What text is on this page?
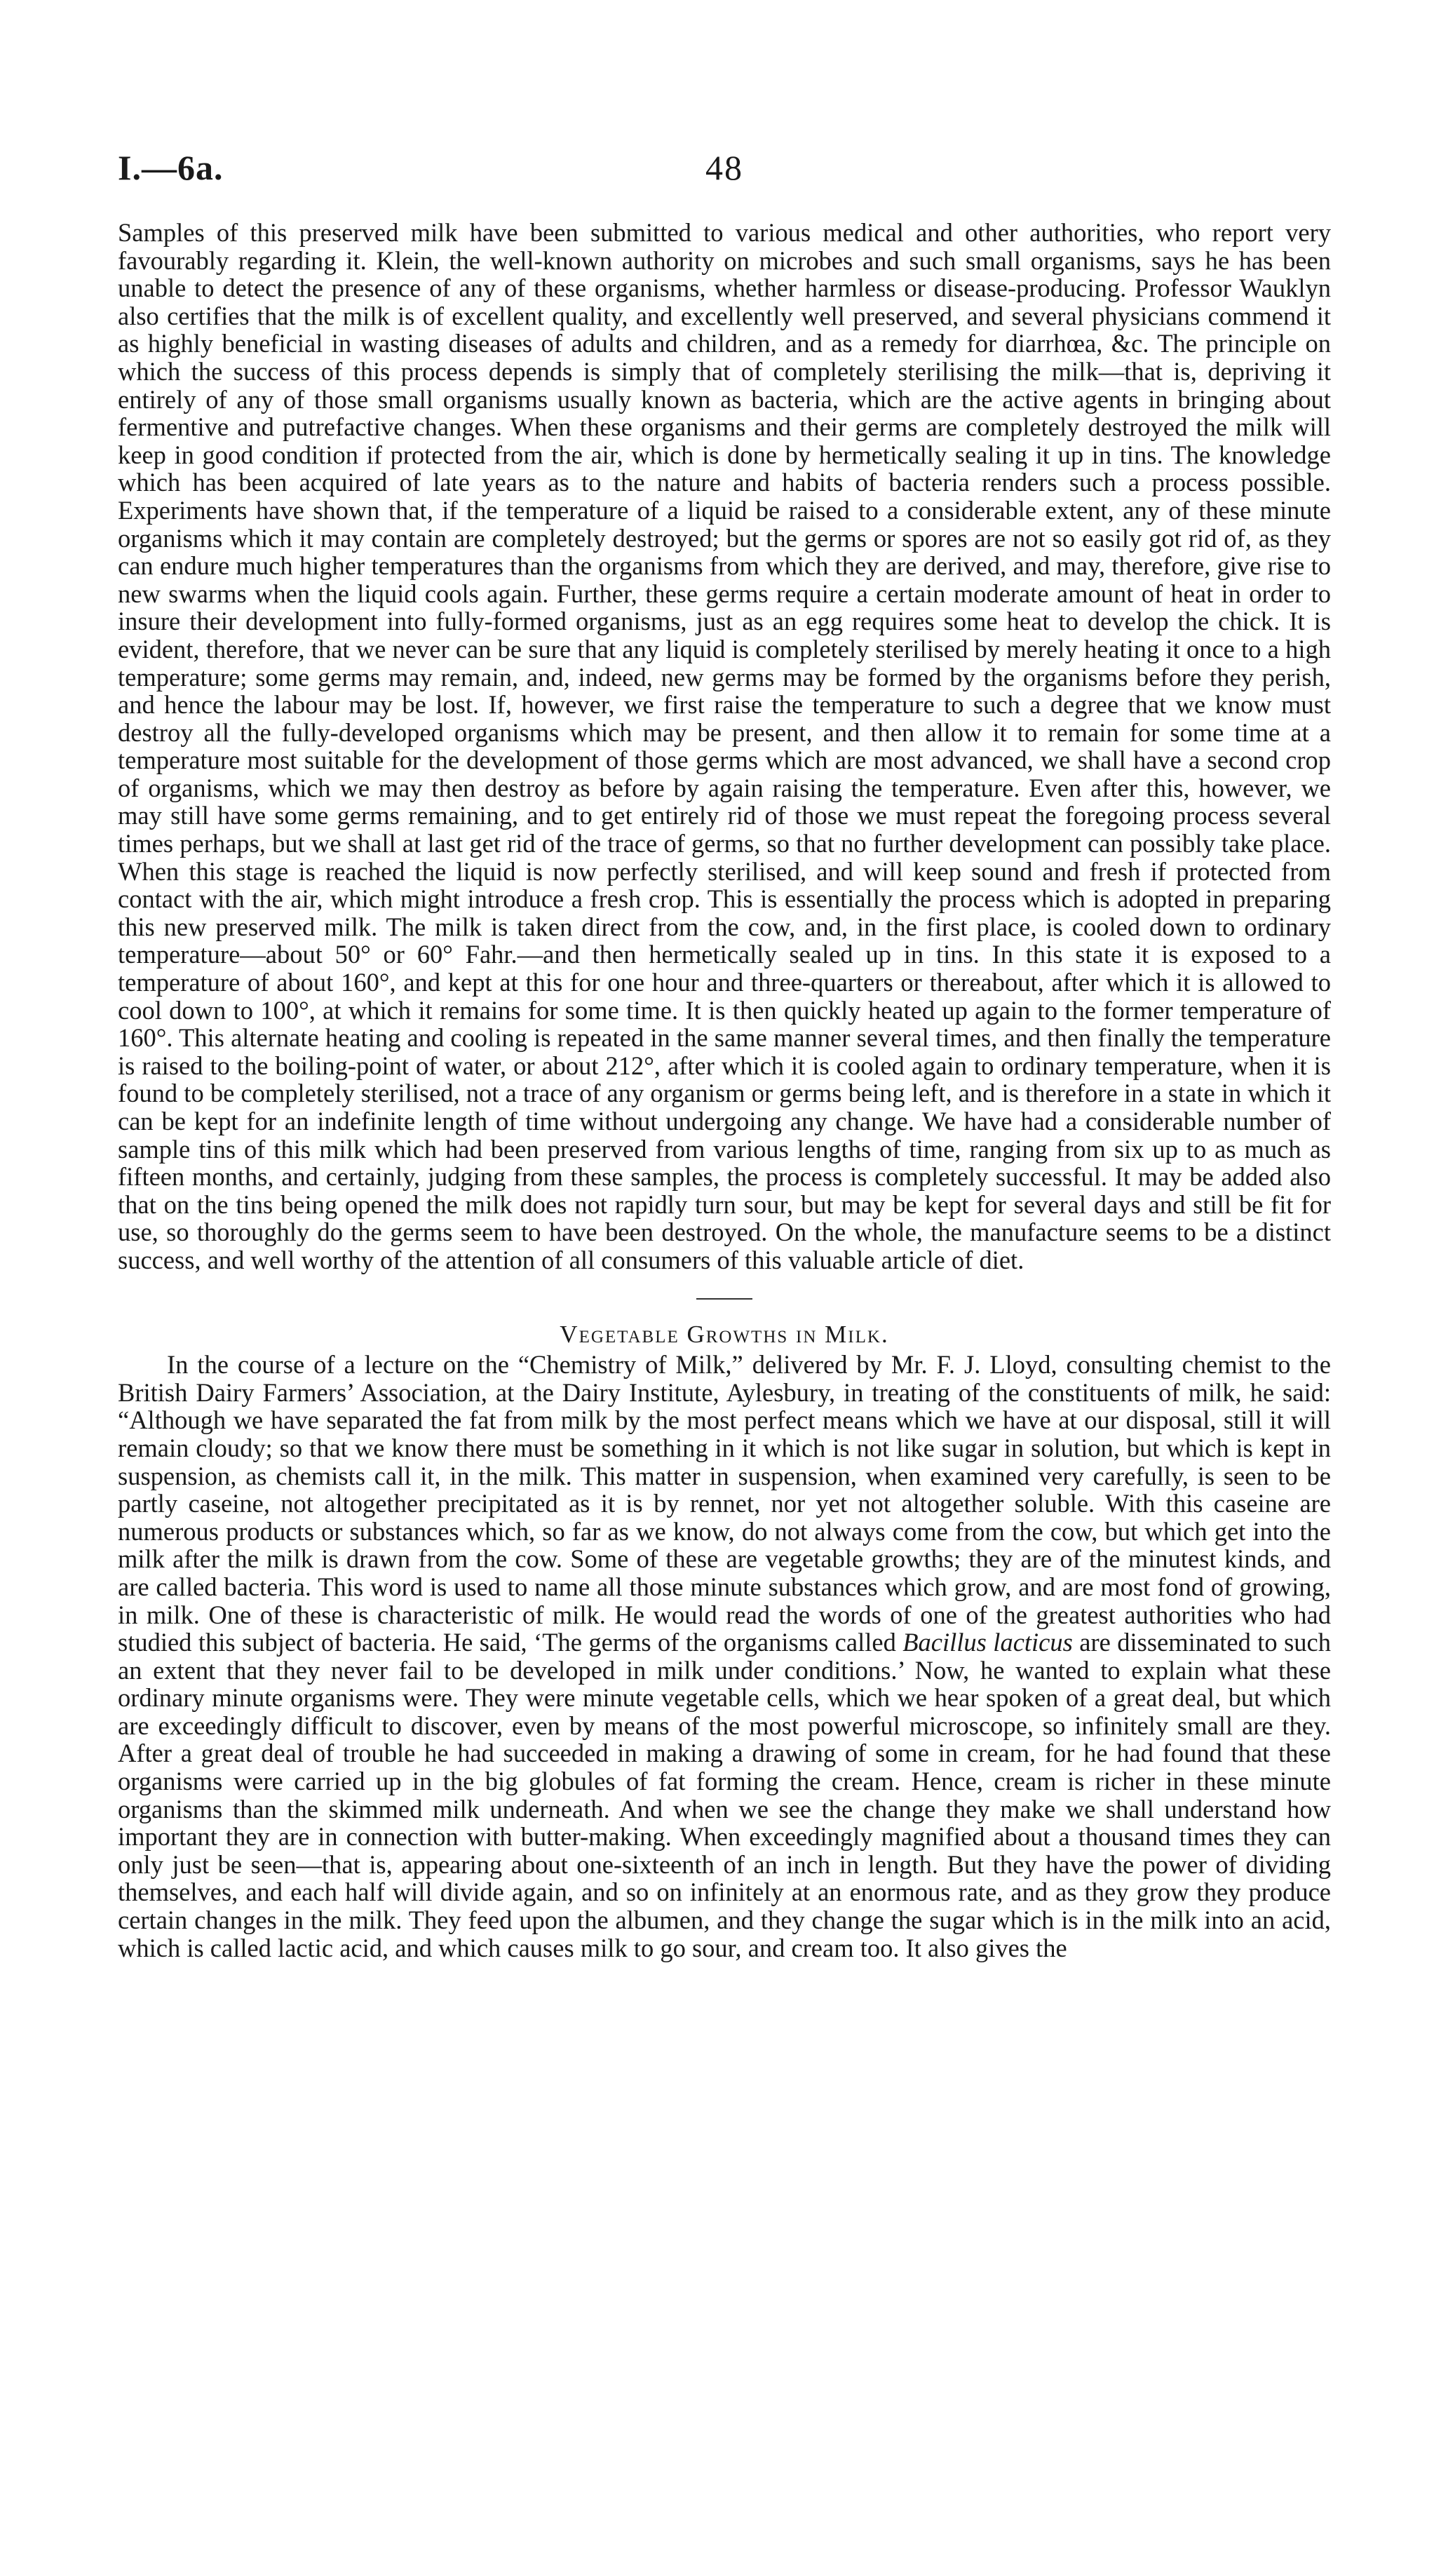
I.—6a.	48

Samples of this preserved milk have been submitted to various medical and other authorities, who report very favourably regarding it. Klein, the well-known authority on microbes and such small organisms, says he has been unable to detect the presence of any of these organisms, whether harmless or disease-producing. Professor Wauklyn also certifies that the milk is of excellent quality, and excellently well preserved, and several physicians commend it as highly beneficial in wasting diseases of adults and children, and as a remedy for diarrhœa, &c. The principle on which the success of this process depends is simply that of completely sterilising the milk—that is, depriving it entirely of any of those small organisms usually known as bacteria, which are the active agents in bringing about fermentive and putrefactive changes. When these organisms and their germs are completely destroyed the milk will keep in good condition if protected from the air, which is done by hermetically sealing it up in tins. The knowledge which has been acquired of late years as to the nature and habits of bacteria renders such a process possible. Experiments have shown that, if the temperature of a liquid be raised to a considerable extent, any of these minute organisms which it may contain are completely destroyed; but the germs or spores are not so easily got rid of, as they can endure much higher temperatures than the organisms from which they are derived, and may, therefore, give rise to new swarms when the liquid cools again. Further, these germs require a certain moderate amount of heat in order to insure their development into fully-formed organisms, just as an egg requires some heat to develop the chick. It is evident, therefore, that we never can be sure that any liquid is completely sterilised by merely heating it once to a high temperature; some germs may remain, and, indeed, new germs may be formed by the organisms before they perish, and hence the labour may be lost. If, however, we first raise the temperature to such a degree that we know must destroy all the fully-developed organisms which may be present, and then allow it to remain for some time at a temperature most suitable for the development of those germs which are most advanced, we shall have a second crop of organisms, which we may then destroy as before by again raising the temperature. Even after this, however, we may still have some germs remaining, and to get entirely rid of those we must repeat the foregoing process several times perhaps, but we shall at last get rid of the trace of germs, so that no further development can possibly take place. When this stage is reached the liquid is now perfectly sterilised, and will keep sound and fresh if protected from contact with the air, which might introduce a fresh crop. This is essentially the process which is adopted in preparing this new preserved milk. The milk is taken direct from the cow, and, in the first place, is cooled down to ordinary temperature—about 50° or 60° Fahr.—and then hermetically sealed up in tins. In this state it is exposed to a temperature of about 160°, and kept at this for one hour and three-quarters or thereabout, after which it is allowed to cool down to 100°, at which it remains for some time. It is then quickly heated up again to the former temperature of 160°. This alternate heating and cooling is repeated in the same manner several times, and then finally the temperature is raised to the boiling-point of water, or about 212°, after which it is cooled again to ordinary temperature, when it is found to be completely sterilised, not a trace of any organism or germs being left, and is therefore in a state in which it can be kept for an indefinite length of time without undergoing any change. We have had a considerable number of sample tins of this milk which had been preserved from various lengths of time, ranging from six up to as much as fifteen months, and certainly, judging from these samples, the process is completely successful. It may be added also that on the tins being opened the milk does not rapidly turn sour, but may be kept for several days and still be fit for use, so thoroughly do the germs seem to have been destroyed. On the whole, the manufacture seems to be a distinct success, and well worthy of the attention of all consumers of this valuable article of diet.

Vegetable Growths in Milk.

In the course of a lecture on the “Chemistry of Milk,” delivered by Mr. F. J. Lloyd, consulting chemist to the British Dairy Farmers’ Association, at the Dairy Institute, Aylesbury, in treating of the constituents of milk, he said: “Although we have separated the fat from milk by the most perfect means which we have at our disposal, still it will remain cloudy; so that we know there must be something in it which is not like sugar in solution, but which is kept in suspension, as chemists call it, in the milk. This matter in suspension, when examined very carefully, is seen to be partly caseine, not altogether precipitated as it is by rennet, nor yet not altogether soluble. With this caseine are numerous products or substances which, so far as we know, do not always come from the cow, but which get into the milk after the milk is drawn from the cow. Some of these are vegetable growths; they are of the minutest kinds, and are called bacteria. This word is used to name all those minute substances which grow, and are most fond of growing, in milk. One of these is characteristic of milk. He would read the words of one of the greatest authorities who had studied this subject of bacteria. He said, ‘The germs of the organisms called Bacillus lacticus are disseminated to such an extent that they never fail to be developed in milk under conditions.’ Now, he wanted to explain what these ordinary minute organisms were. They were minute vegetable cells, which we hear spoken of a great deal, but which are exceedingly difficult to discover, even by means of the most powerful microscope, so infinitely small are they. After a great deal of trouble he had succeeded in making a drawing of some in cream, for he had found that these organisms were carried up in the big globules of fat forming the cream. Hence, cream is richer in these minute organisms than the skimmed milk underneath. And when we see the change they make we shall understand how important they are in connection with butter-making. When exceedingly magnified about a thousand times they can only just be seen—that is, appearing about one-sixteenth of an inch in length. But they have the power of dividing themselves, and each half will divide again, and so on infinitely at an enormous rate, and as they grow they produce certain changes in the milk. They feed upon the albumen, and they change the sugar which is in the milk into an acid, which is called lactic acid, and which causes milk to go sour, and cream too. It also gives the
